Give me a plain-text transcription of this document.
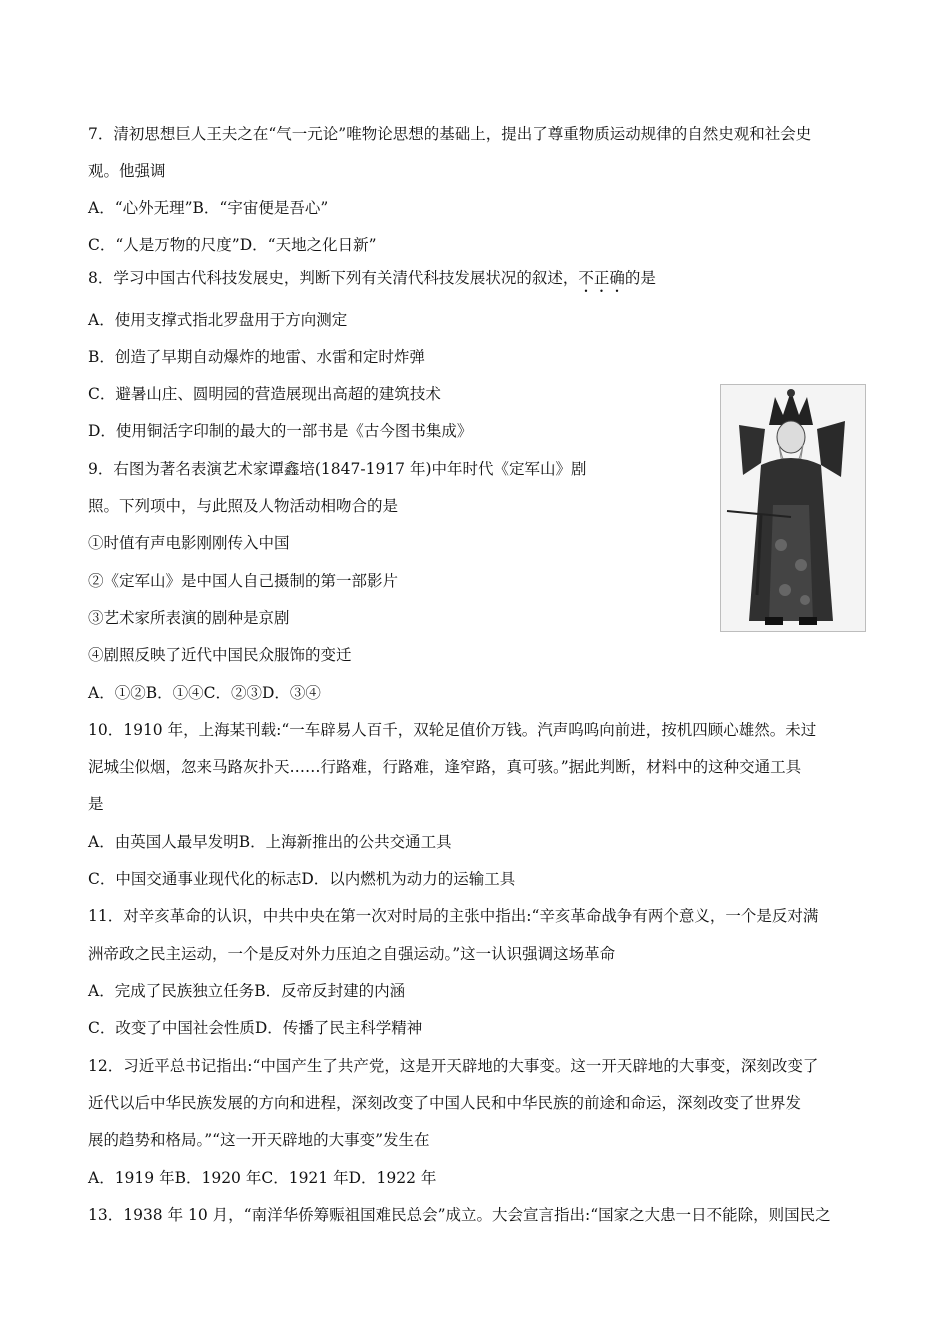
7．清初思想巨人王夫之在“气一元论”唯物论思想的基础上，提出了尊重物质运动规律的自然史观和社会史
观。他强调
A．“心外无理”B．“宇宙便是吾心”
C．“人是万物的尺度”D．“天地之化日新”
8．学习中国古代科技发展史，判断下列有关清代科技发展状况的叙述，不正确的是
A．使用支撑式指北罗盘用于方向测定
B．创造了早期自动爆炸的地雷、水雷和定时炸弹
C．避暑山庄、圆明园的营造展现出高超的建筑技术
D．使用铜活字印制的最大的一部书是《古今图书集成》
9．右图为著名表演艺术家谭鑫培(1847-1917 年)中年时代《定军山》剧
照。下列项中，与此照及人物活动相吻合的是
①时值有声电影刚刚传入中国
②《定军山》是中国人自己摄制的第一部影片
③艺术家所表演的剧种是京剧
④剧照反映了近代中国民众服饰的变迁
A．①②B．①④C．②③D．③④
10．1910 年，上海某刊载:“一车辟易人百千，双轮足值价万钱。汽声呜呜向前进，按机四顾心雄然。未过
泥城尘似烟，忽来马路灰扑天……行路难，行路难，逢窄路，真可骇。”据此判断，材料中的这种交通工具
是
A．由英国人最早发明B．上海新推出的公共交通工具
C．中国交通事业现代化的标志D．以内燃机为动力的运输工具
11．对辛亥革命的认识，中共中央在第一次对时局的主张中指出:“辛亥革命战争有两个意义，一个是反对满
洲帝政之民主运动，一个是反对外力压迫之自强运动。”这一认识强调这场革命
A．完成了民族独立任务B．反帝反封建的内涵
C．改变了中国社会性质D．传播了民主科学精神
12．习近平总书记指出:“中国产生了共产党，这是开天辟地的大事变。这一开天辟地的大事变，深刻改变了
近代以后中华民族发展的方向和进程，深刻改变了中国人民和中华民族的前途和命运，深刻改变了世界发
展的趋势和格局。”“这一开天辟地的大事变”发生在
A．1919 年B．1920 年C．1921 年D．1922 年
13．1938 年 10 月，“南洋华侨筹赈祖国难民总会”成立。大会宣言指出:“国家之大患一日不能除，则国民之
